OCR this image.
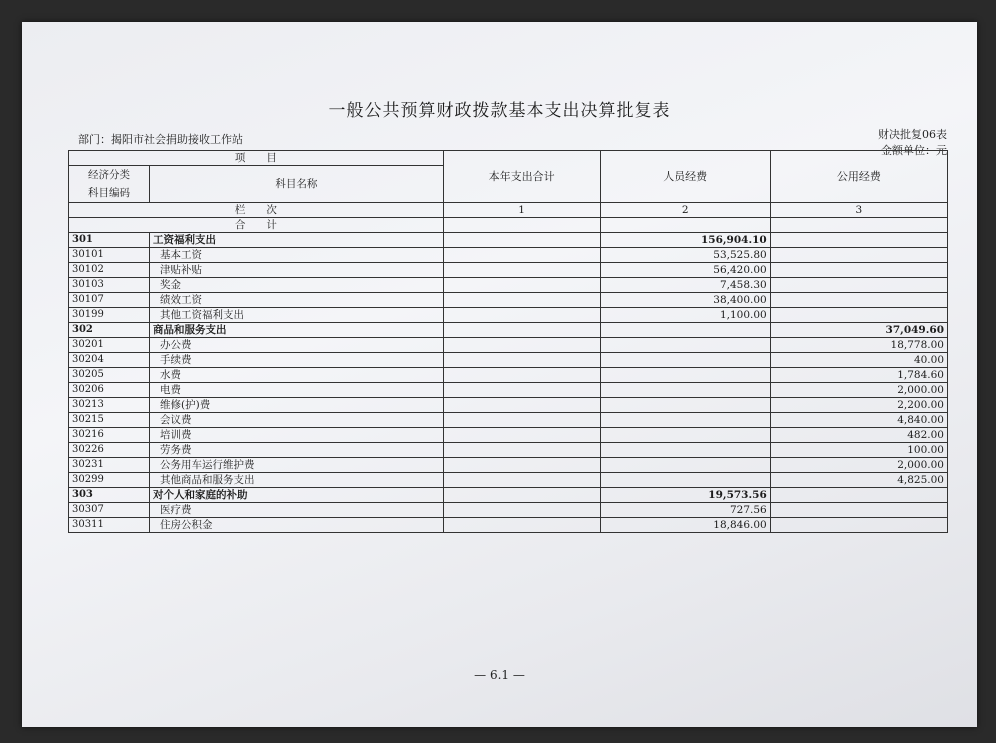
一般公共预算财政拨款基本支出决算批复表
部门：揭阳市社会捐助接收工作站	财决批复06表
金额单位：元
项　　目		本年支出合计	人员经费	公用经费

经济分类
科目编码	科目名称			
栏　　次		1	2	3
合　　计				
301	工资福利支出		156,904.10	
30101	基本工资		53,525.80	
30102	津贴补贴		56,420.00	
30103	奖金		7,458.30	
30107	绩效工资		38,400.00	
30199	其他工资福利支出		1,100.00	
302	商品和服务支出			37,049.60
30201	办公费			18,778.00
30204	手续费			40.00
30205	水费			1,784.60
30206	电费			2,000.00
30213	维修(护)费			2,200.00
30215	会议费			4,840.00
30216	培训费			482.00
30226	劳务费			100.00
30231	公务用车运行维护费			2,000.00
30299	其他商品和服务支出			4,825.00
303	对个人和家庭的补助		19,573.56	
30307	医疗费		727.56	
30311	住房公积金		18,846.00	
— 6.1 —
